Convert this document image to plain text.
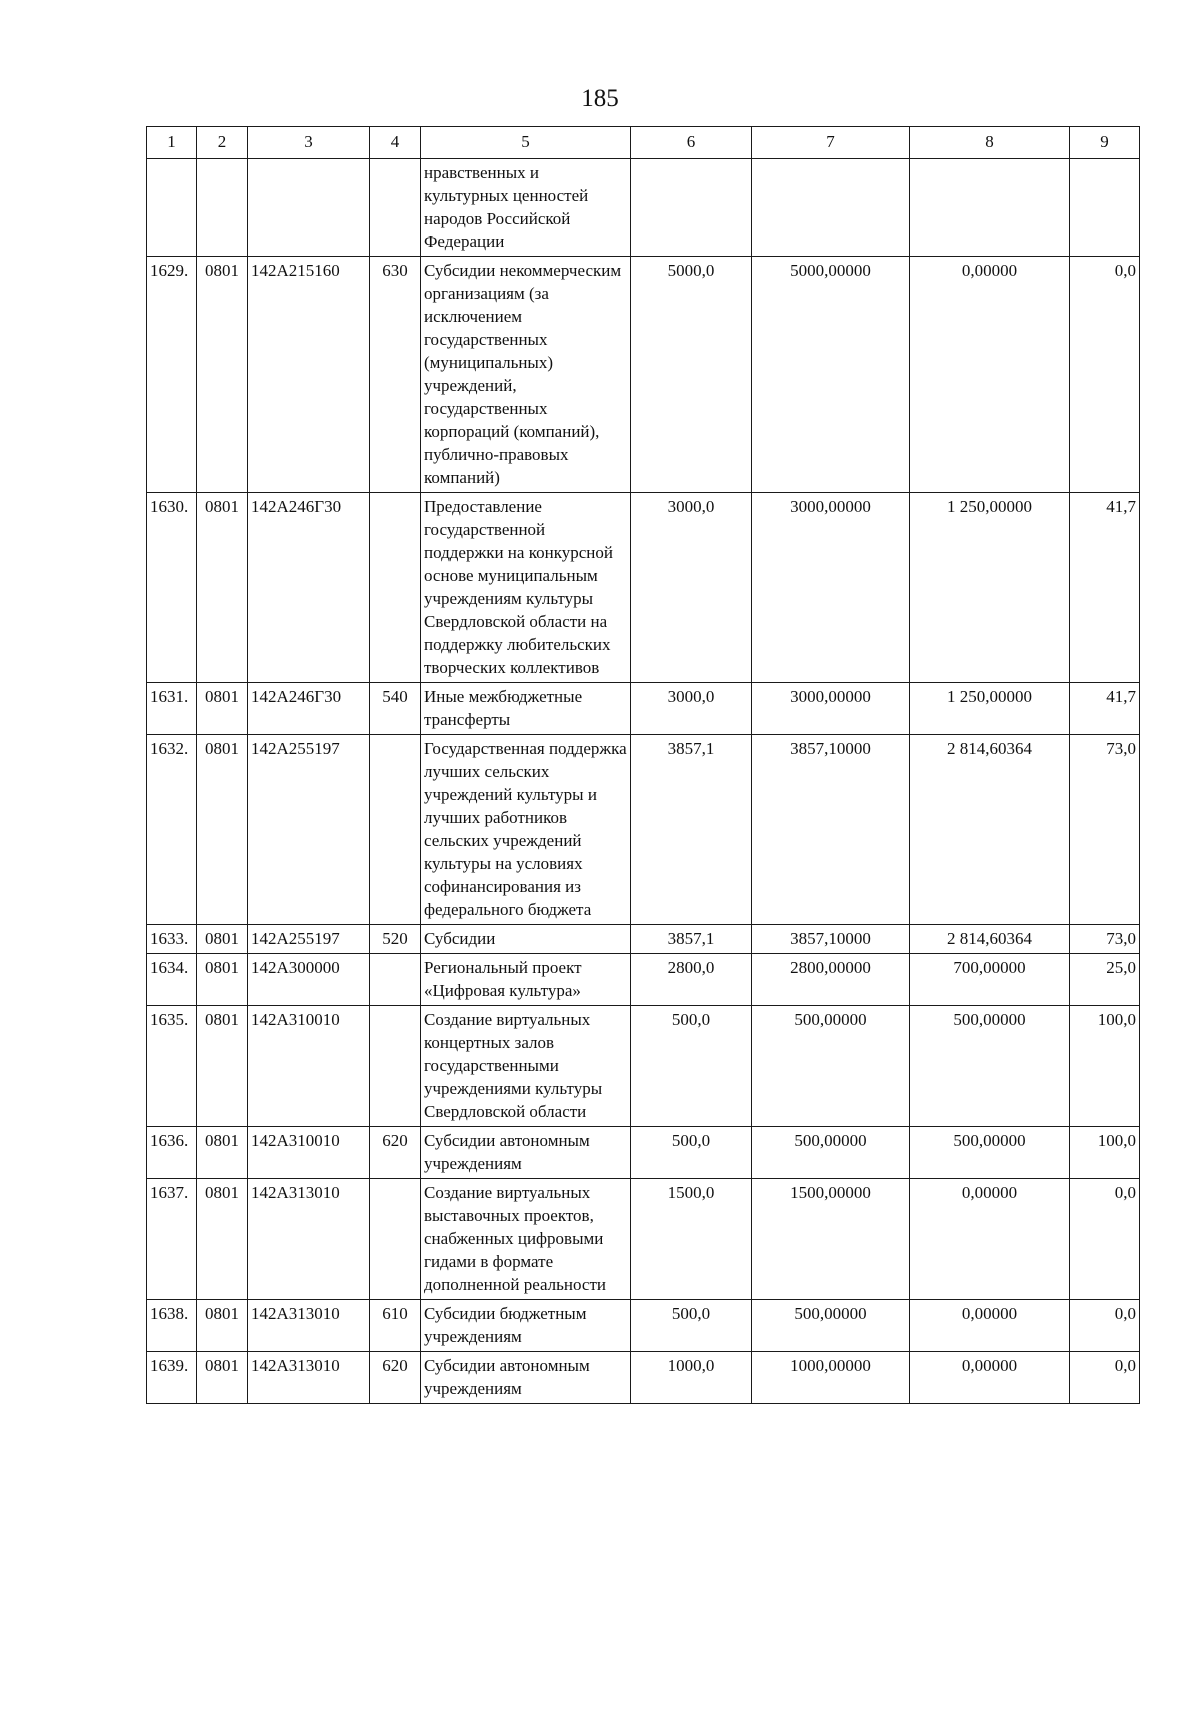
185
1	2	3	4	5	6	7	8	9
				нравственных и культурных ценностей народов Российской Федерации				
1629.	0801	142A215160	630	Субсидии некоммерческим организациям (за исключением государственных (муниципальных) учреждений, государственных корпораций (компаний), публично-правовых компаний)	5000,0	5000,00000	0,00000	0,0
1630.	0801	142A246Г30		Предоставление государственной поддержки на конкурсной основе муниципальным учреждениям культуры Свердловской области на поддержку любительских творческих коллективов	3000,0	3000,00000	1 250,00000	41,7
1631.	0801	142A246Г30	540	Иные межбюджетные трансферты	3000,0	3000,00000	1 250,00000	41,7
1632.	0801	142A255197		Государственная поддержка лучших сельских учреждений культуры и лучших работников сельских учреждений культуры на условиях софинансирования из федерального бюджета	3857,1	3857,10000	2 814,60364	73,0
1633.	0801	142A255197	520	Субсидии	3857,1	3857,10000	2 814,60364	73,0
1634.	0801	142A300000		Региональный проект «Цифровая культура»	2800,0	2800,00000	700,00000	25,0
1635.	0801	142A310010		Создание виртуальных концертных залов государственными учреждениями культуры Свердловской области	500,0	500,00000	500,00000	100,0
1636.	0801	142A310010	620	Субсидии автономным учреждениям	500,0	500,00000	500,00000	100,0
1637.	0801	142A313010		Создание виртуальных выставочных проектов, снабженных цифровыми гидами в формате дополненной реальности	1500,0	1500,00000	0,00000	0,0
1638.	0801	142A313010	610	Субсидии бюджетным учреждениям	500,0	500,00000	0,00000	0,0
1639.	0801	142A313010	620	Субсидии автономным учреждениям	1000,0	1000,00000	0,00000	0,0
